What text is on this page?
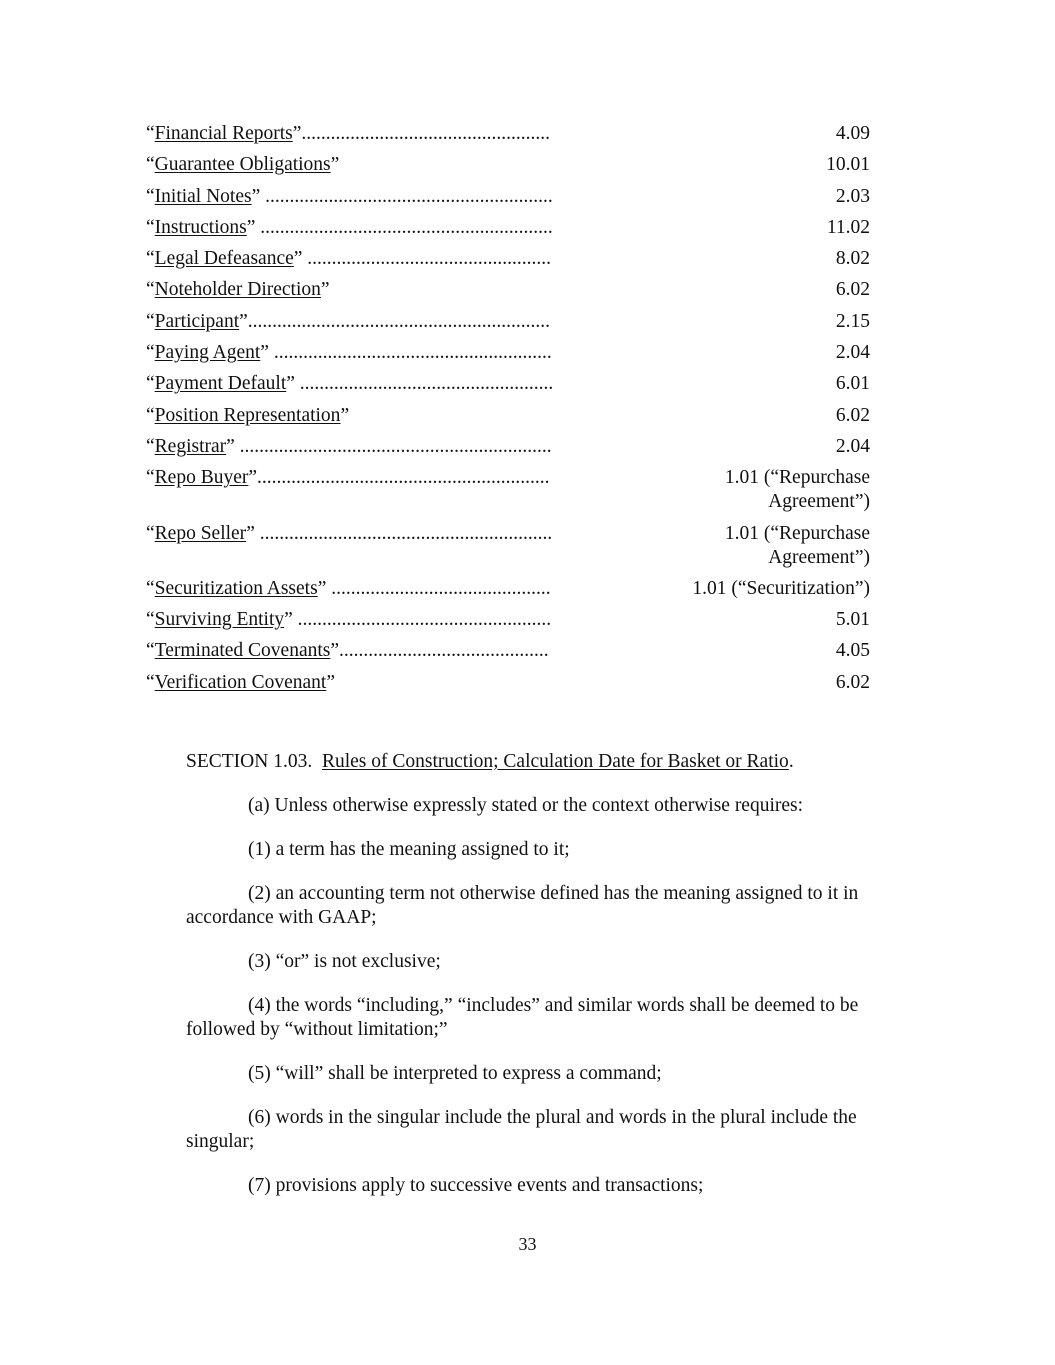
“ Financial Reports ” ...................................................	4.09
“ Guarantee Obligations ”	10.01
“ Initial Notes ” ...........................................................	2.03
“ Instructions ” ............................................................	11.02
“ Legal Defeasance ” ..................................................	8.02
“ Noteholder Direction ”	6.02
“ Participant ” ..............................................................	2.15
“ Paying Agent ” .........................................................	2.04
“ Payment Default ” ....................................................	6.01
“ Position Representation ”	6.02
“ Registrar ” ................................................................	2.04
“ Repo Buyer ” ............................................................	1.01 (“Repurchase
Agreement”)
“ Repo Seller ” ............................................................	1.01 (“Repurchase
Agreement”)
“ Securitization Assets ” .............................................	1.01 (“Securitization”)
“ Surviving Entity ” ....................................................	5.01
“ Terminated Covenants ” ...........................................	4.05
“ Verification Covenant ”	6.02

SECTION 1.03. Rules of Construction; Calculation Date for Basket or Ratio.

(a) Unless otherwise expressly stated or the context otherwise requires:

(1) a term has the meaning assigned to it;

(2) an accounting term not otherwise defined has the meaning assigned to it in accordance with GAAP;

(3) “or” is not exclusive;

(4) the words “including,” “includes” and similar words shall be deemed to be followed by “without limitation;”

(5) “will” shall be interpreted to express a command;

(6) words in the singular include the plural and words in the plural include the singular;

(7) provisions apply to successive events and transactions;

33
